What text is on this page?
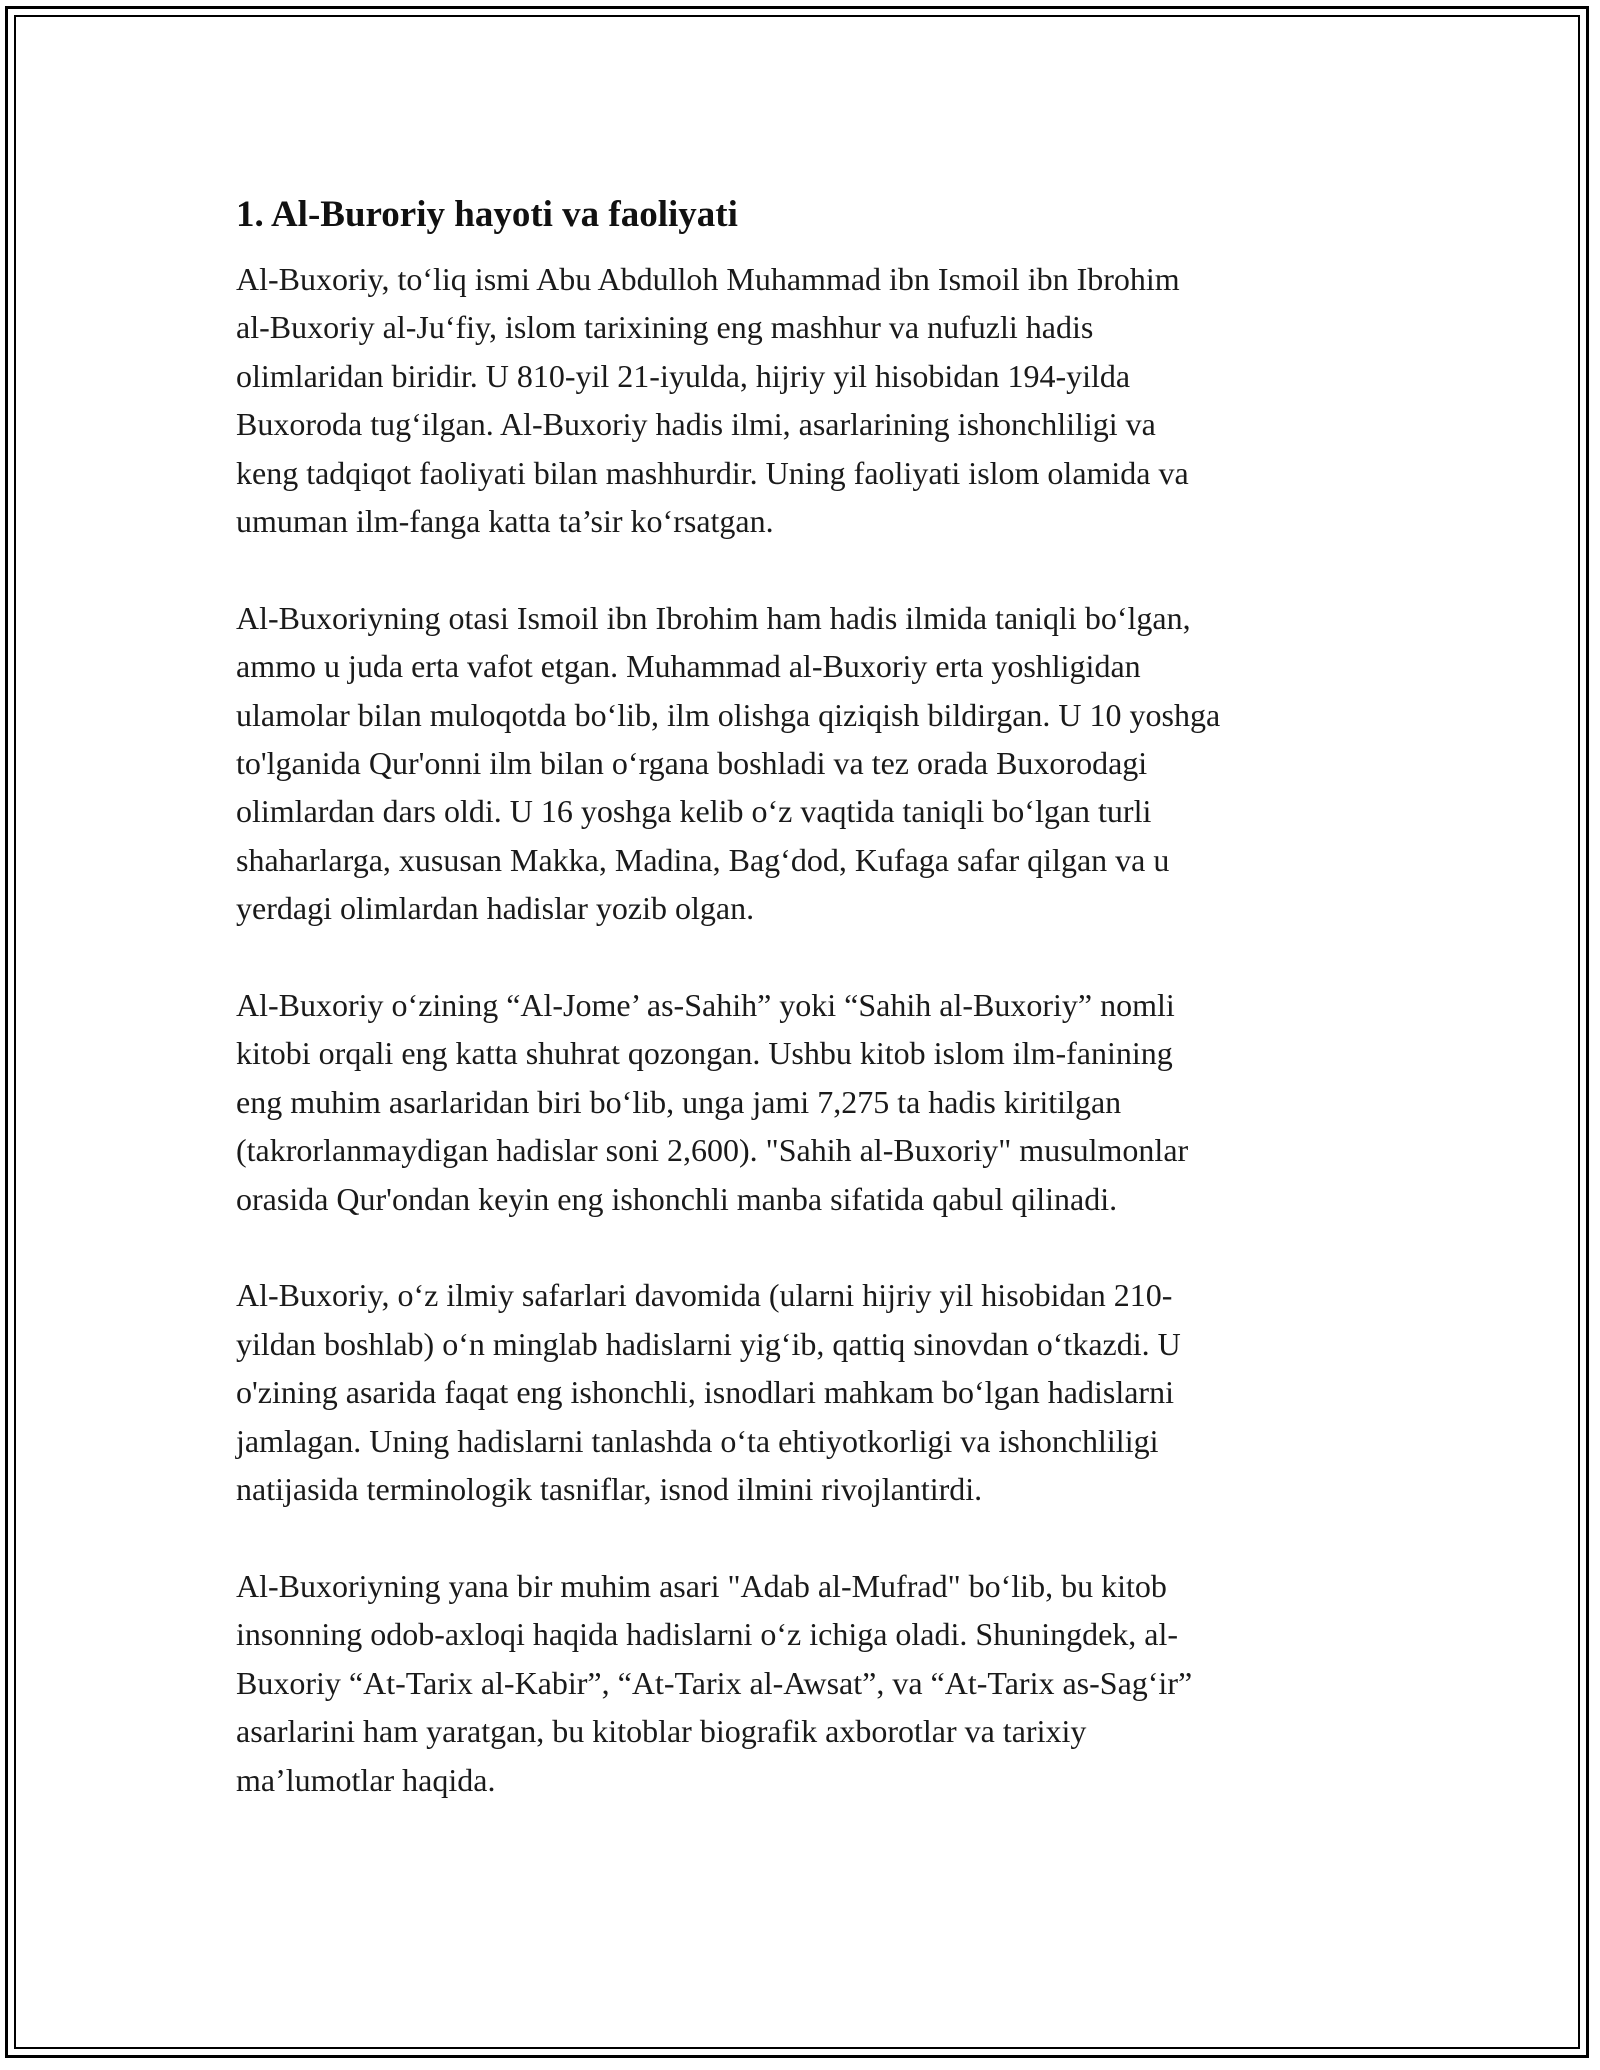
1. Al-Buroriy hayoti va faoliyati

Al-Buxoriy, to‘liq ismi Abu Abdulloh Muhammad ibn Ismoil ibn Ibrohim
al-Buxoriy al-Ju‘fiy, islom tarixining eng mashhur va nufuzli hadis
olimlaridan biridir. U 810-yil 21-iyulda, hijriy yil hisobidan 194-yilda
Buxoroda tug‘ilgan. Al-Buxoriy hadis ilmi, asarlarining ishonchliligi va
keng tadqiqot faoliyati bilan mashhurdir. Uning faoliyati islom olamida va
umuman ilm-fanga katta ta’sir ko‘rsatgan.

Al-Buxoriyning otasi Ismoil ibn Ibrohim ham hadis ilmida taniqli bo‘lgan,
ammo u juda erta vafot etgan. Muhammad al-Buxoriy erta yoshligidan
ulamolar bilan muloqotda bo‘lib, ilm olishga qiziqish bildirgan. U 10 yoshga
to'lganida Qur'onni ilm bilan o‘rgana boshladi va tez orada Buxorodagi
olimlardan dars oldi. U 16 yoshga kelib o‘z vaqtida taniqli bo‘lgan turli
shaharlarga, xususan Makka, Madina, Bag‘dod, Kufaga safar qilgan va u
yerdagi olimlardan hadislar yozib olgan.

Al-Buxoriy o‘zining “Al-Jome’ as-Sahih” yoki “Sahih al-Buxoriy” nomli
kitobi orqali eng katta shuhrat qozongan. Ushbu kitob islom ilm-fanining
eng muhim asarlaridan biri bo‘lib, unga jami 7,275 ta hadis kiritilgan
(takrorlanmaydigan hadislar soni 2,600). "Sahih al-Buxoriy" musulmonlar
orasida Qur'ondan keyin eng ishonchli manba sifatida qabul qilinadi.

Al-Buxoriy, o‘z ilmiy safarlari davomida (ularni hijriy yil hisobidan 210-
yildan boshlab) o‘n minglab hadislarni yig‘ib, qattiq sinovdan o‘tkazdi. U
o'zining asarida faqat eng ishonchli, isnodlari mahkam bo‘lgan hadislarni
jamlagan. Uning hadislarni tanlashda o‘ta ehtiyotkorligi va ishonchliligi
natijasida terminologik tasniflar, isnod ilmini rivojlantirdi.

Al-Buxoriyning yana bir muhim asari "Adab al-Mufrad" bo‘lib, bu kitob
insonning odob-axloqi haqida hadislarni o‘z ichiga oladi. Shuningdek, al-
Buxoriy “At-Tarix al-Kabir”, “At-Tarix al-Awsat”, va “At-Tarix as-Sag‘ir”
asarlarini ham yaratgan, bu kitoblar biografik axborotlar va tarixiy
ma’lumotlar haqida.
